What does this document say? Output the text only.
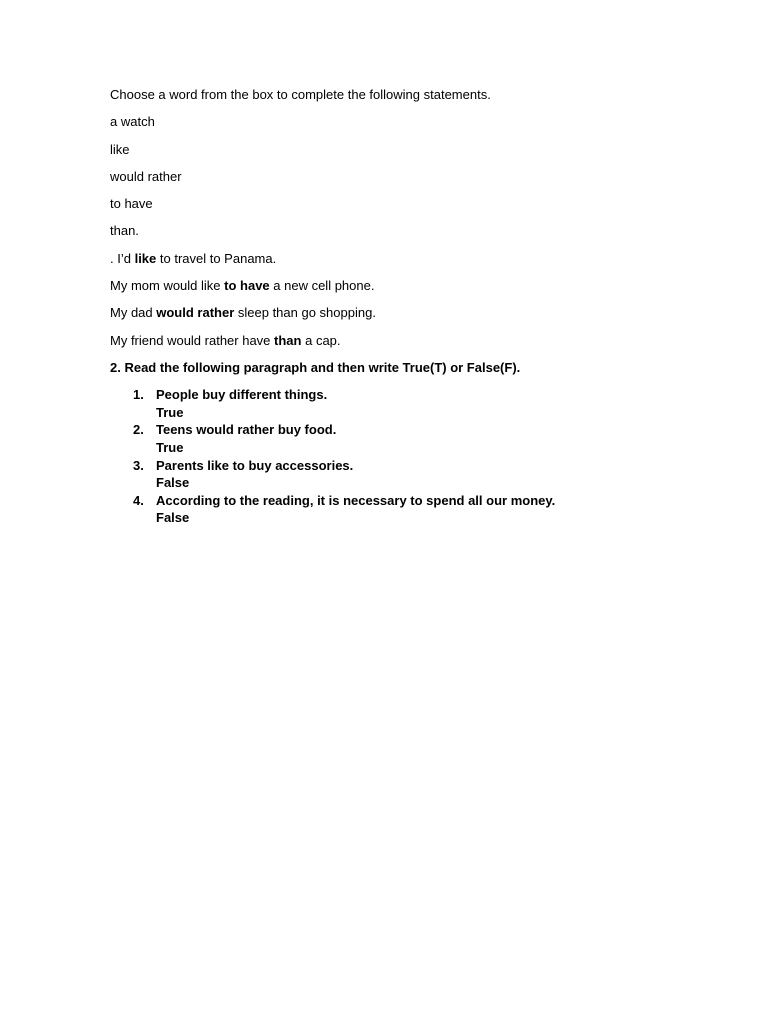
Choose a word from the box to complete the following statements.

a watch

like

would rather

to have

than.

. I’d like to travel to Panama.

My mom would like to have a new cell phone.

My dad would rather sleep than go shopping.

My friend would rather have than a cap.

2. Read the following paragraph and then write True(T) or False(F).

1. People buy different things.
True
2. Teens would rather buy food.
True
3. Parents like to buy accessories.
False
4. According to the reading, it is necessary to spend all our money.
False
